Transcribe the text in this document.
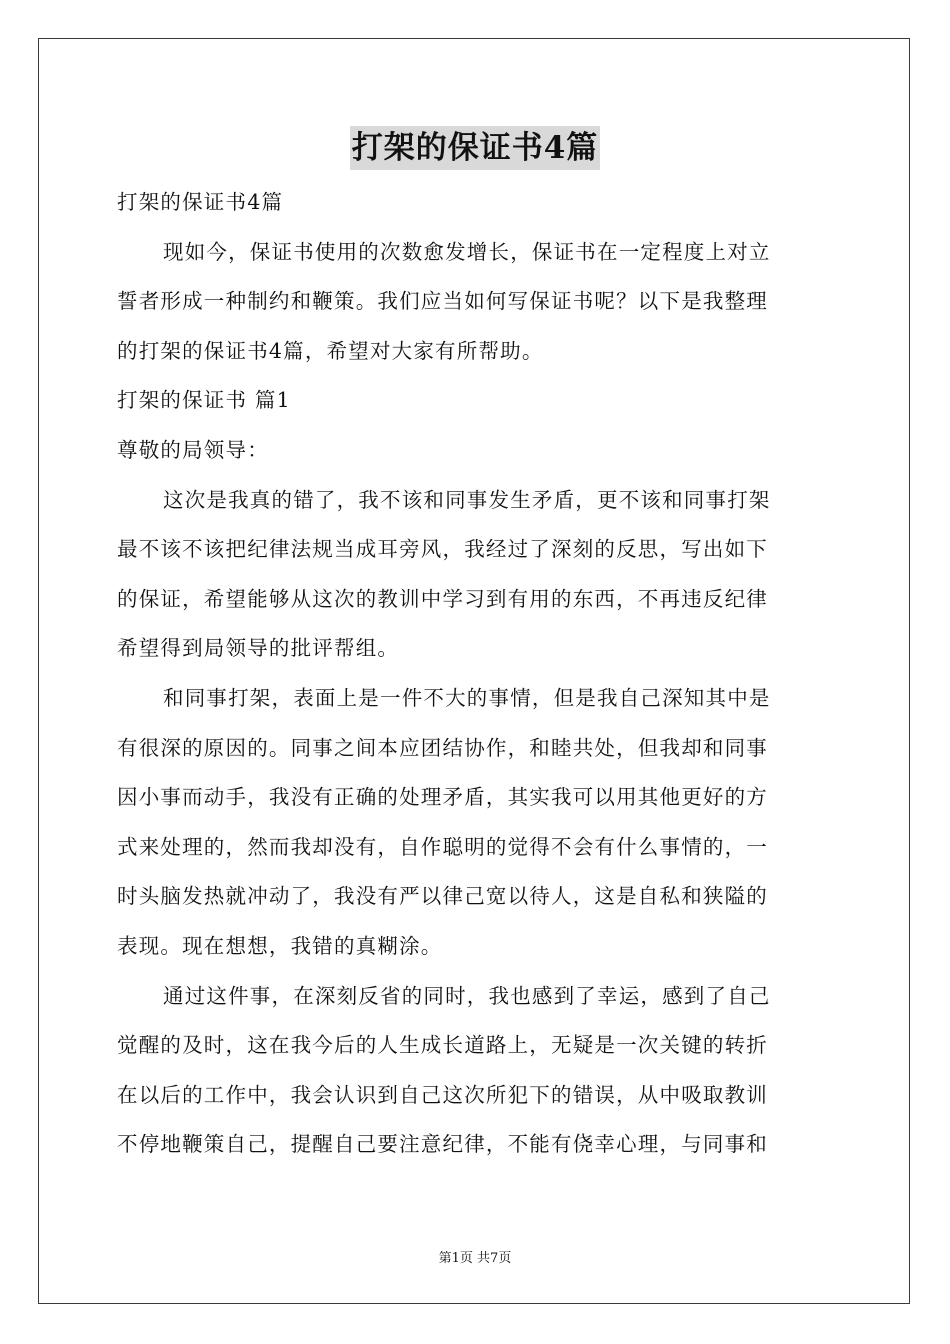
打架的保证书4篇
打架的保证书4篇
现如今，保证书使用的次数愈发增长，保证书在一定程度上对立
誓者形成一种制约和鞭策。我们应当如何写保证书呢？以下是我整理
的打架的保证书4篇，希望对大家有所帮助。
打架的保证书 篇1
尊敬的局领导：
这次是我真的错了，我不该和同事发生矛盾，更不该和同事打架
最不该不该把纪律法规当成耳旁风，我经过了深刻的反思，写出如下
的保证，希望能够从这次的教训中学习到有用的东西，不再违反纪律
希望得到局领导的批评帮组。
和同事打架，表面上是一件不大的事情，但是我自己深知其中是
有很深的原因的。同事之间本应团结协作，和睦共处，但我却和同事
因小事而动手，我没有正确的处理矛盾，其实我可以用其他更好的方
式来处理的，然而我却没有，自作聪明的觉得不会有什么事情的，一
时头脑发热就冲动了，我没有严以律己宽以待人，这是自私和狭隘的
表现。现在想想，我错的真糊涂。
通过这件事，在深刻反省的同时，我也感到了幸运，感到了自己
觉醒的及时，这在我今后的人生成长道路上，无疑是一次关键的转折
在以后的工作中，我会认识到自己这次所犯下的错误，从中吸取教训
不停地鞭策自己，提醒自己要注意纪律，不能有侥幸心理，与同事和
第1页 共7页
